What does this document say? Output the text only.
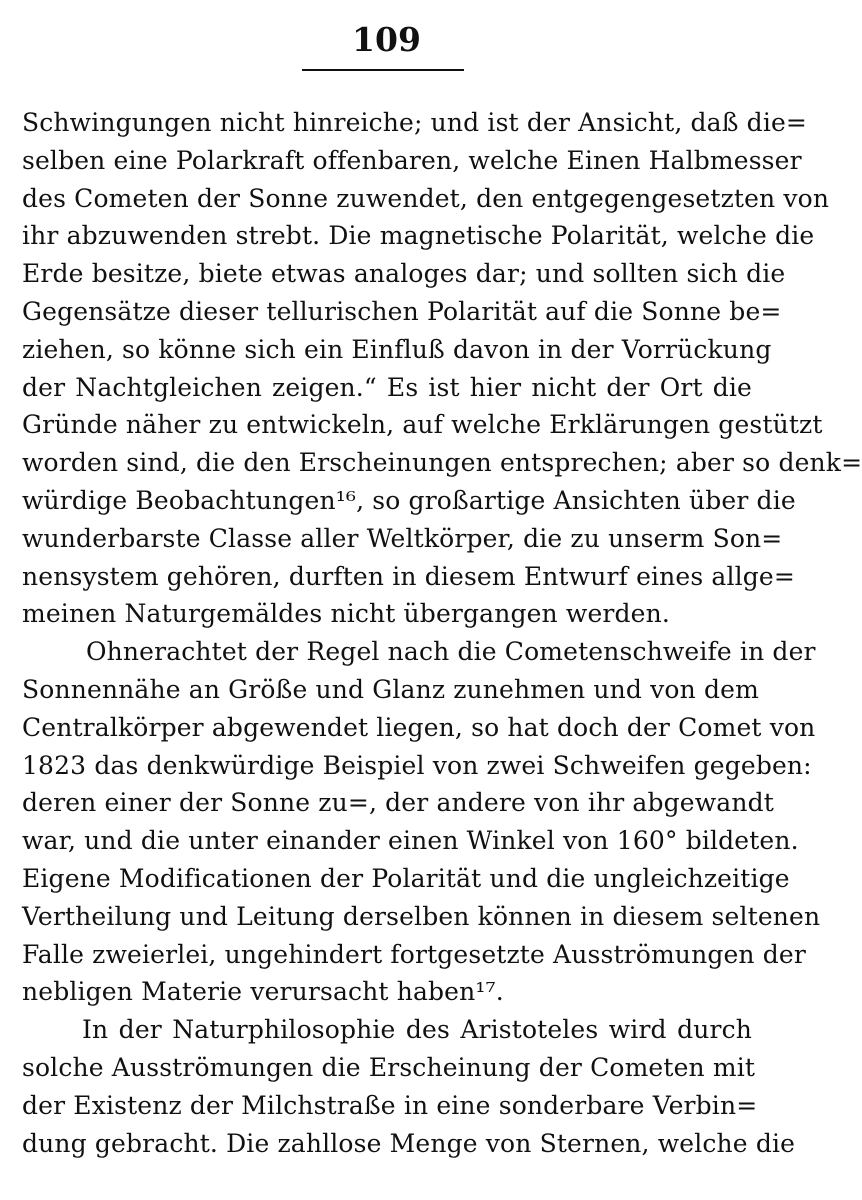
109
Schwingungen nicht hinreiche; und ist der Ansicht, daß die=
selben eine Polarkraft offenbaren, welche Einen Halbmesser
des Cometen der Sonne zuwendet, den entgegengesetzten von
ihr abzuwenden strebt. Die magnetische Polarität, welche die
Erde besitze, biete etwas analoges dar; und sollten sich die
Gegensätze dieser tellurischen Polarität auf die Sonne be=
ziehen, so könne sich ein Einfluß davon in der Vorrückung
der Nachtgleichen zeigen.“ Es ist hier nicht der Ort die
Gründe näher zu entwickeln, auf welche Erklärungen gestützt
worden sind, die den Erscheinungen entsprechen; aber so denk=
würdige Beobachtungen¹⁶, so großartige Ansichten über die
wunderbarste Classe aller Weltkörper, die zu unserm Son=
nensystem gehören, durften in diesem Entwurf eines allge=
meinen Naturgemäldes nicht übergangen werden.
Ohnerachtet der Regel nach die Cometenschweife in der
Sonnennähe an Größe und Glanz zunehmen und von dem
Centralkörper abgewendet liegen, so hat doch der Comet von
1823 das denkwürdige Beispiel von zwei Schweifen gegeben:
deren einer der Sonne zu=, der andere von ihr abgewandt
war, und die unter einander einen Winkel von 160° bildeten.
Eigene Modificationen der Polarität und die ungleichzeitige
Vertheilung und Leitung derselben können in diesem seltenen
Falle zweierlei, ungehindert fortgesetzte Ausströmungen der
nebligen Materie verursacht haben¹⁷.
In der Naturphilosophie des Aristoteles wird durch
solche Ausströmungen die Erscheinung der Cometen mit
der Existenz der Milchstraße in eine sonderbare Verbin=
dung gebracht. Die zahllose Menge von Sternen, welche die
